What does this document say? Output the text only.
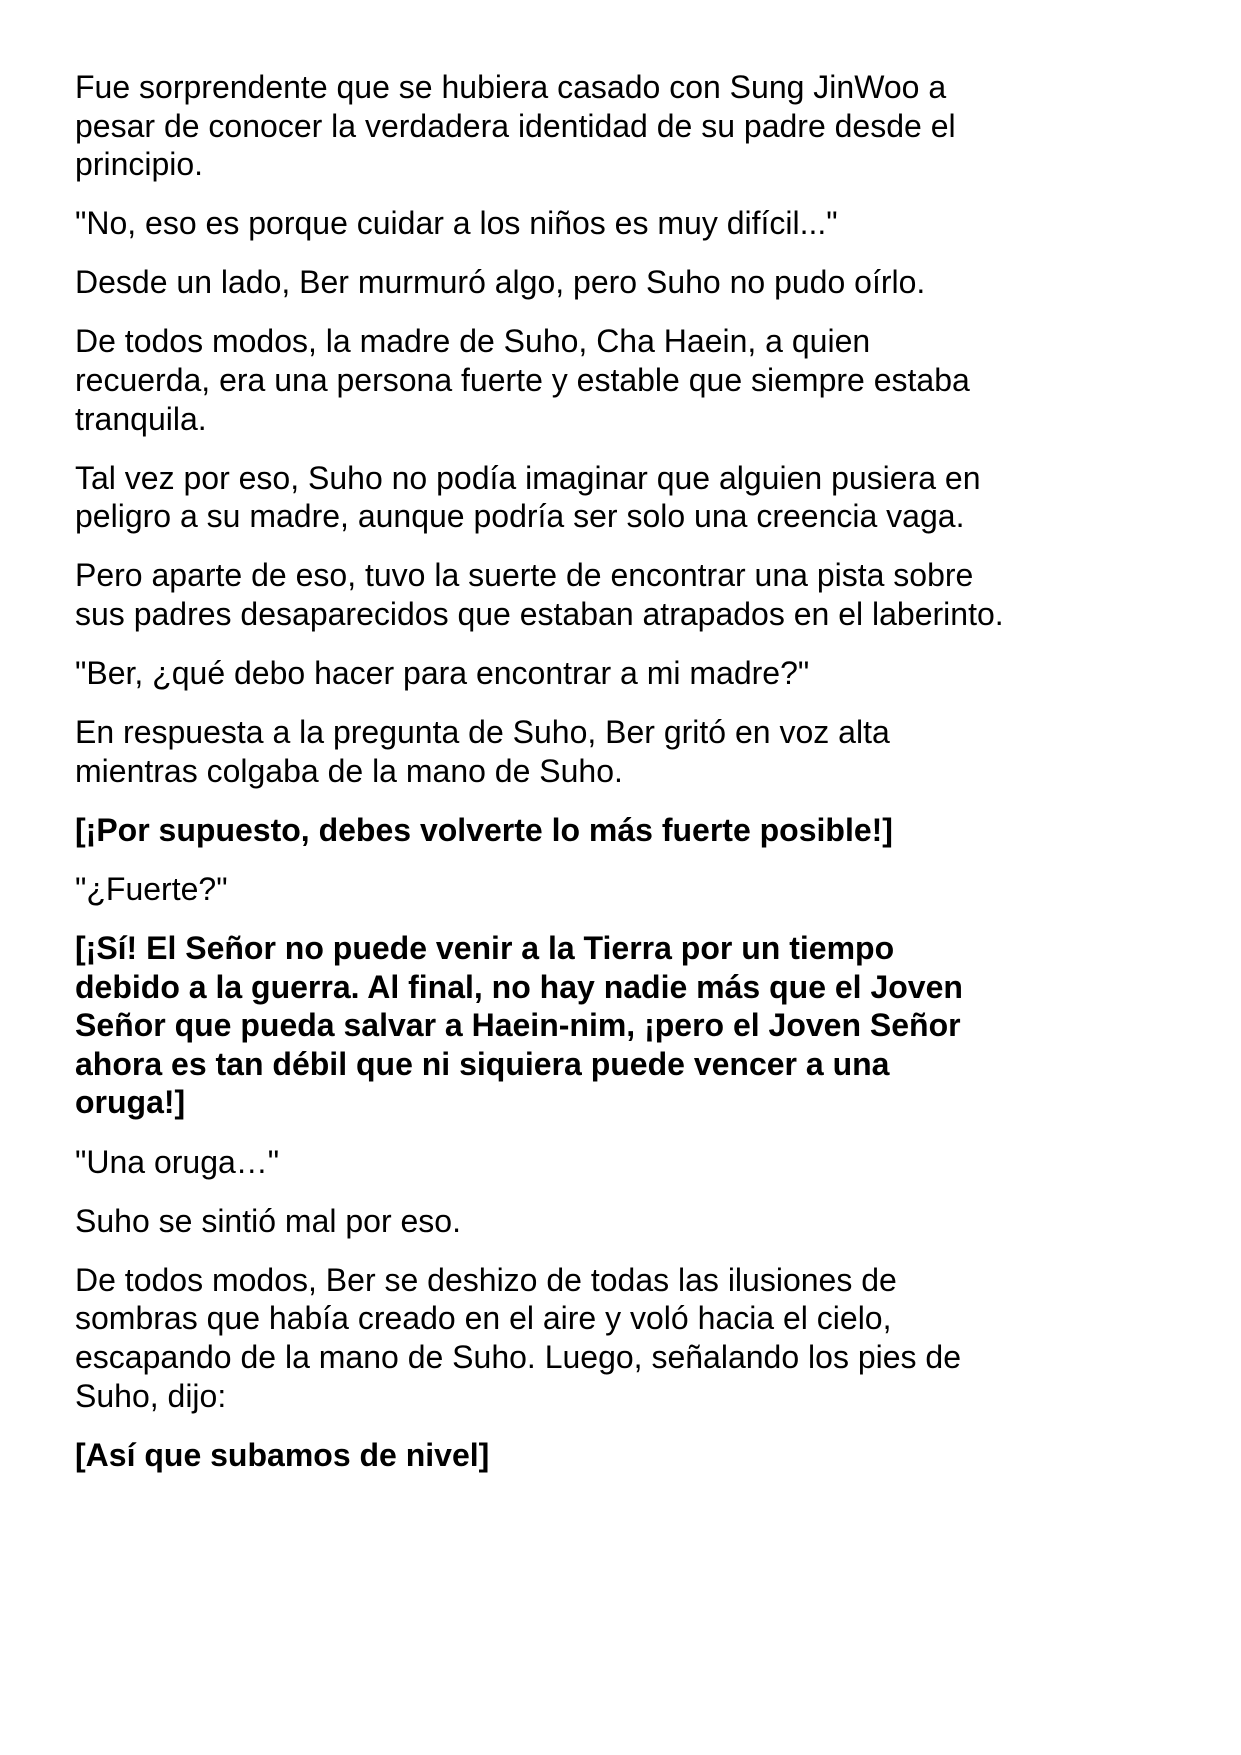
Fue sorprendente que se hubiera casado con Sung JinWoo a
pesar de conocer la verdadera identidad de su padre desde el
principio.

"No, eso es porque cuidar a los niños es muy difícil..."

Desde un lado, Ber murmuró algo, pero Suho no pudo oírlo.

De todos modos, la madre de Suho, Cha Haein, a quien
recuerda, era una persona fuerte y estable que siempre estaba
tranquila.

Tal vez por eso, Suho no podía imaginar que alguien pusiera en
peligro a su madre, aunque podría ser solo una creencia vaga.

Pero aparte de eso, tuvo la suerte de encontrar una pista sobre
sus padres desaparecidos que estaban atrapados en el laberinto.

"Ber, ¿qué debo hacer para encontrar a mi madre?"

En respuesta a la pregunta de Suho, Ber gritó en voz alta
mientras colgaba de la mano de Suho.

[¡Por supuesto, debes volverte lo más fuerte posible!]

"¿Fuerte?"

[¡Sí! El Señor no puede venir a la Tierra por un tiempo
debido a la guerra. Al final, no hay nadie más que el Joven
Señor que pueda salvar a Haein-nim, ¡pero el Joven Señor
ahora es tan débil que ni siquiera puede vencer a una
oruga!]

"Una oruga…"

Suho se sintió mal por eso.

De todos modos, Ber se deshizo de todas las ilusiones de
sombras que había creado en el aire y voló hacia el cielo,
escapando de la mano de Suho. Luego, señalando los pies de
Suho, dijo:

[Así que subamos de nivel]
